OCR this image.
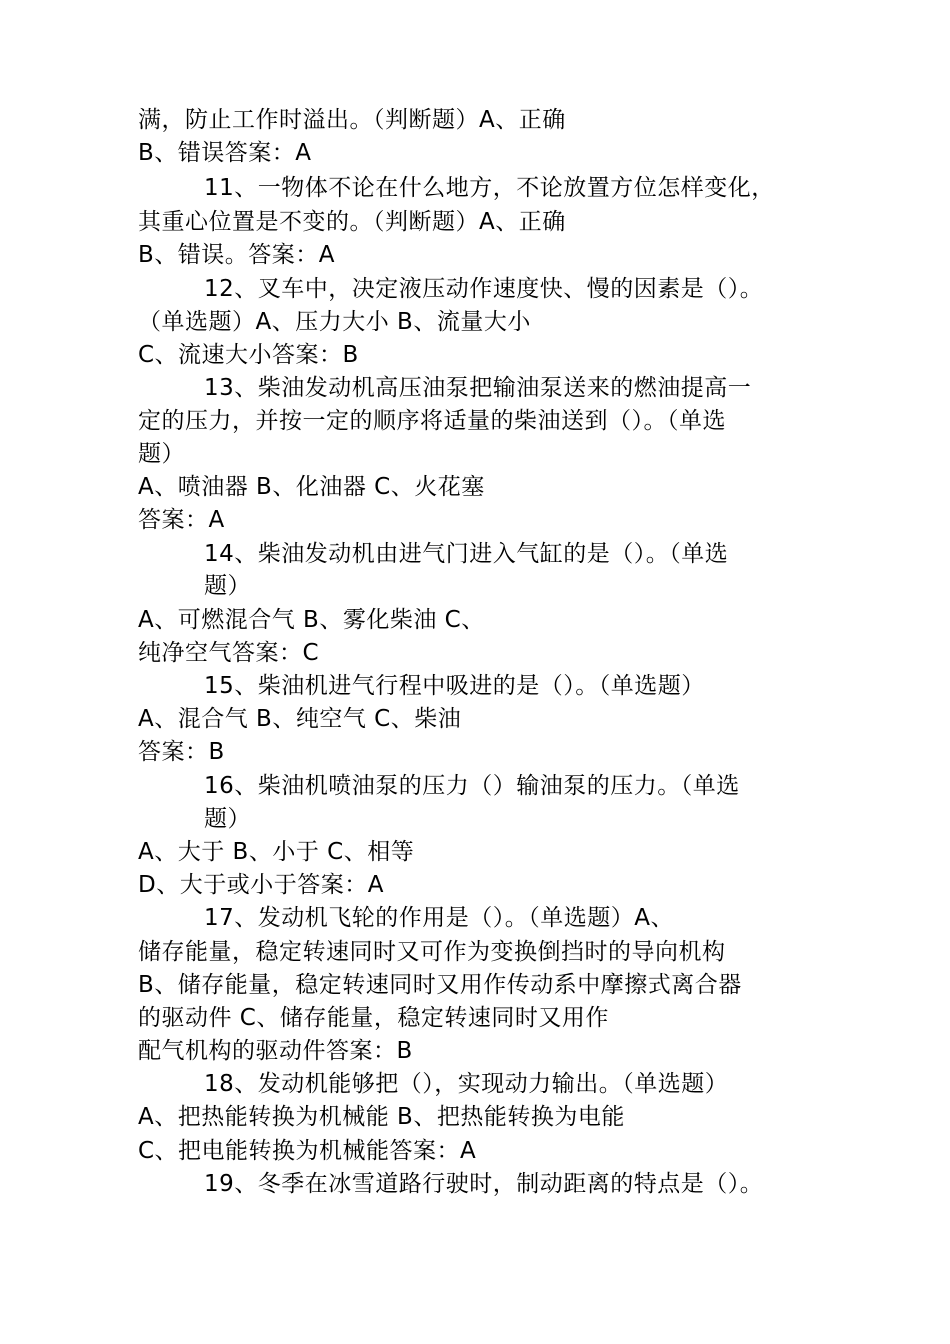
满，防止工作时溢出。（判断题）A、正确
B、错误答案：A
11、一物体不论在什么地方，不论放置方位怎样变化，
其重心位置是不变的。（判断题）A、正确
B、错误。答案：A
12、叉车中，决定液压动作速度快、慢的因素是（）。
（单选题）A、压力大小 B、流量大小
C、流速大小答案：B
13、柴油发动机高压油泵把输油泵送来的燃油提高一
定的压力，并按一定的顺序将适量的柴油送到（）。（单选
题）
A、喷油器 B、化油器 C、火花塞
答案：A
14、柴油发动机由进气门进入气缸的是（）。（单选
题）
A、可燃混合气 B、雾化柴油 C、
纯净空气答案：C
15、柴油机进气行程中吸进的是（）。（单选题）
A、混合气 B、纯空气 C、柴油
答案：B
16、柴油机喷油泵的压力（）输油泵的压力。（单选
题）
A、大于 B、小于 C、相等
D、大于或小于答案：A
17、发动机飞轮的作用是（）。（单选题）A、
储存能量，稳定转速同时又可作为变换倒挡时的导向机构
B、储存能量，稳定转速同时又用作传动系中摩擦式离合器
的驱动件 C、储存能量，稳定转速同时又用作
配气机构的驱动件答案：B
18、发动机能够把（），实现动力输出。（单选题）
A、把热能转换为机械能 B、把热能转换为电能
C、把电能转换为机械能答案：A
19、冬季在冰雪道路行驶时，制动距离的特点是（）。
